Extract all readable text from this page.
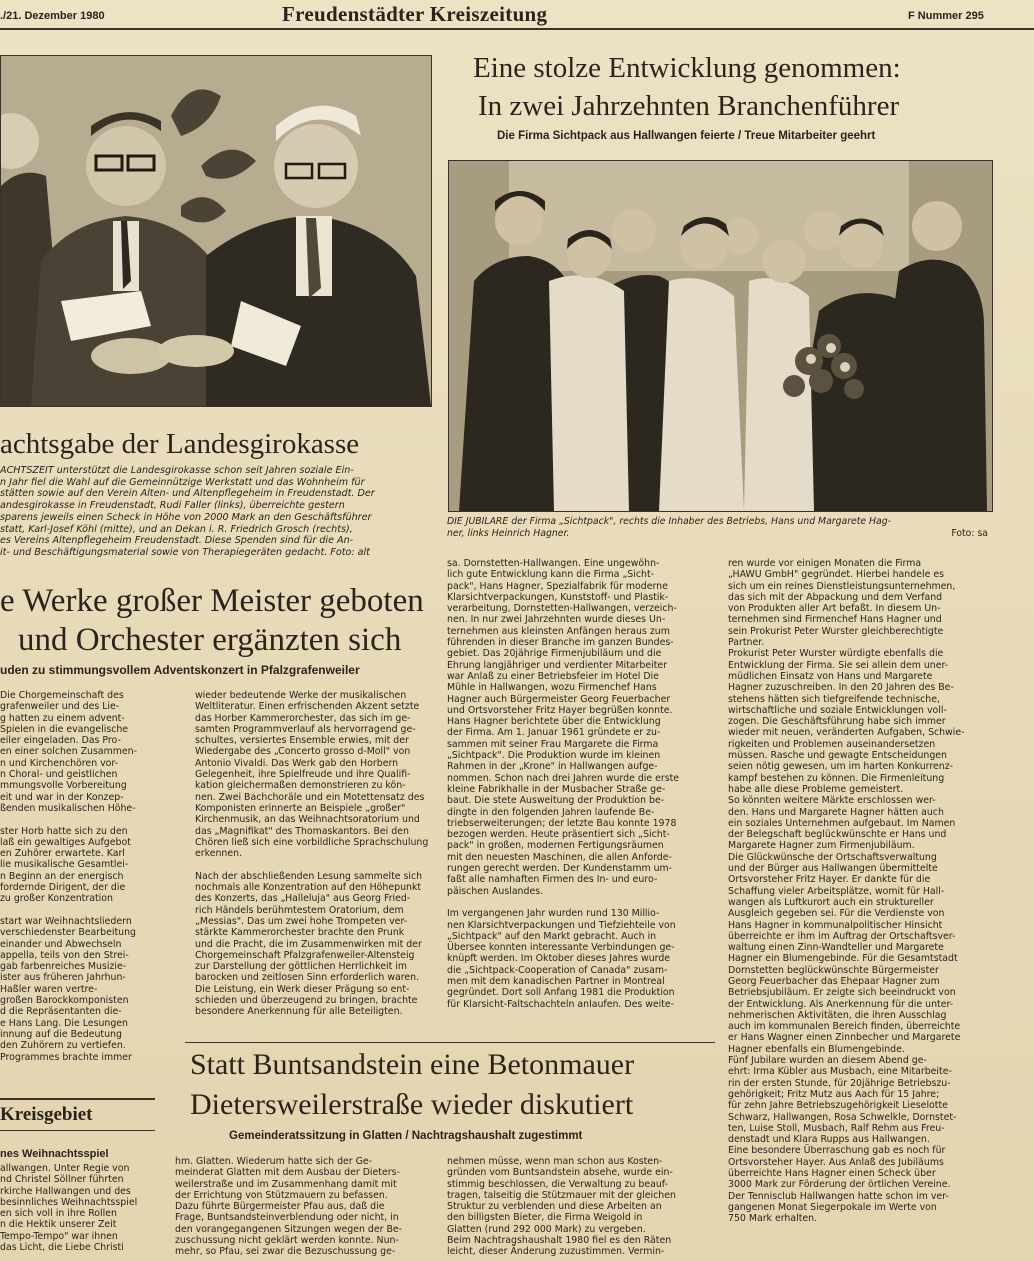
./21. Dezember 1980	Freudenstädter Kreiszeitung	F Nummer 295
achtsgabe der Landesgirokasse
ACHTSZEIT unterstützt die Landesgirokasse schon seit Jahren soziale Ein-
n Jahr fiel die Wahl auf die Gemeinnützige Werkstatt und das Wohnheim für
stätten sowie auf den Verein Alten- und Altenpflegeheim in Freudenstadt. Der
andesgirokasse in Freudenstadt, Rudi Faller (links), überreichte gestern
sparens jeweils einen Scheck in Höhe von 2000 Mark an den Geschäftsführer
statt, Karl-Josef Köhl (mitte), und an Dekan i. R. Friedrich Grosch (rechts),
es Vereins Altenpflegeheim Freudenstadt. Diese Spenden sind für die An-
it- und Beschäftigungsmaterial sowie von Therapiegeräten gedacht. Foto: alt
e Werke großer Meister geboten
und Orchester ergänzten sich
uden zu stimmungsvollem Adventskonzert in Pfalzgrafenweiler
Die Chorgemeinschaft des
grafenweiler und des Lie-
g hatten zu einem advent-
Spielen in die evangelische
eiler eingeladen. Das Pro-
en einer solchen Zusammen-
n und Kirchenchören vor-
n Choral- und geistlichen
mmungsvolle Vorbereitung
eit und war in der Konzep-
ßenden musikalischen Höhe-

ster Horb hatte sich zu den
laß ein gewaltiges Aufgebot
en Zuhörer erwartete. Karl
lie musikalische Gesamtlei-
n Beginn an der energisch
fordernde Dirigent, der die
zu großer Konzentration

start war Weihnachtsliedern
verschiedenster Bearbeitung
einander und Abwechseln
appella, teils von den Strei-
gab farbenreiches Musizie-
ister aus früheren Jahrhun-
Haßler waren vertre-
großen Barockkomponisten
d die Repräsentanten die-
e Hans Lang. Die Lesungen
innung auf die Bedeutung
den Zuhörern zu vertiefen.
Programmes brachte immer
wieder bedeutende Werke der musikalischen
Weltliteratur. Einen erfrischenden Akzent setzte
das Horber Kammerorchester, das sich im ge-
samten Programmverlauf als hervorragend ge-
schultes, versiertes Ensemble erwies, mit der
Wiedergabe des „Concerto grosso d-Moll" von
Antonio Vivaldi. Das Werk gab den Horbern
Gelegenheit, ihre Spielfreude und ihre Qualifi-
kation gleichermaßen demonstrieren zu kön-
nen. Zwei Bachchoräle und ein Motettensatz des
Komponisten erinnerte an Beispiele „großer"
Kirchenmusik, an das Weihnachtsoratorium und
das „Magnifikat" des Thomaskantors. Bei den
Chören ließ sich eine vorbildliche Sprachschulung
erkennen.

Nach der abschließenden Lesung sammelte sich
nochmals alle Konzentration auf den Höhepunkt
des Konzerts, das „Halleluja" aus Georg Fried-
rich Händels berühmtestem Oratorium, dem
„Messias". Das um zwei hohe Trompeten ver-
stärkte Kammerorchester brachte den Prunk
und die Pracht, die im Zusammenwirken mit der
Chorgemeinschaft Pfalzgrafenweiler-Altensteig
zur Darstellung der göttlichen Herrlichkeit im
barocken und zeitlosen Sinn erforderlich waren.
Die Leistung, ein Werk dieser Prägung so ent-
schieden und überzeugend zu bringen, brachte
besondere Anerkennung für alle Beteiligten.
Kreisgebiet
nes Weihnachtsspiel
allwangen. Unter Regie von
nd Christel Söllner führten
rkirche Hallwangen und des
besinnliches Weihnachtsspiel
en sich voll in ihre Rollen
n die Hektik unserer Zeit
Tempo-Tempo" war ihnen
das Licht, die Liebe Christi
Eine stolze Entwicklung genommen:
In zwei Jahrzehnten Branchenführer
Die Firma Sichtpack aus Hallwangen feierte / Treue Mitarbeiter geehrt
DIE JUBILARE der Firma „Sichtpack", rechts die Inhaber des Betriebs, Hans und Margarete Hag-
ner, links Heinrich Hagner.	Foto: sa
sa. Dornstetten-Hallwangen. Eine ungewöhn-
lich gute Entwicklung kann die Firma „Sicht-
pack", Hans Hagner, Spezialfabrik für moderne
Klarsichtverpackungen, Kunststoff- und Plastik-
verarbeitung, Dornstetten-Hallwangen, verzeich-
nen. In nur zwei Jahrzehnten wurde dieses Un-
ternehmen aus kleinsten Anfängen heraus zum
führenden in dieser Branche im ganzen Bundes-
gebiet. Das 20jährige Firmenjubiläum und die
Ehrung langjähriger und verdienter Mitarbeiter
war Anlaß zu einer Betriebsfeier im Hotel Die
Mühle in Hallwangen, wozu Firmenchef Hans
Hagner auch Bürgermeister Georg Feuerbacher
und Ortsvorsteher Fritz Hayer begrüßen konnte.
Hans Hagner berichtete über die Entwicklung
der Firma. Am 1. Januar 1961 gründete er zu-
sammen mit seiner Frau Margarete die Firma
„Sichtpack". Die Produktion wurde im kleinen
Rahmen in der „Krone" in Hallwangen aufge-
nommen. Schon nach drei Jahren wurde die erste
kleine Fabrikhalle in der Musbacher Straße ge-
baut. Die stete Ausweitung der Produktion be-
dingte in den folgenden Jahren laufende Be-
triebserweiterungen; der letzte Bau konnte 1978
bezogen werden. Heute präsentiert sich „Sicht-
pack" in großen, modernen Fertigungsräumen
mit den neuesten Maschinen, die allen Anforde-
rungen gerecht werden. Der Kundenstamm um-
faßt alle namhaften Firmen des In- und euro-
päischen Auslandes.

Im vergangenen Jahr wurden rund 130 Millio-
nen Klarsichtverpackungen und Tiefziehteile von
„Sichtpack" auf den Markt gebracht. Auch in
Übersee konnten interessante Verbindungen ge-
knüpft werden. Im Oktober dieses Jahres wurde
die „Sichtpack-Cooperation of Canada" zusam-
men mit dem kanadischen Partner in Montreal
gegründet. Dort soll Anfang 1981 die Produktion
für Klarsicht-Faltschachteln anlaufen. Des weite-
ren wurde vor einigen Monaten die Firma
„HAWU GmbH" gegründet. Hierbei handele es
sich um ein reines Dienstleistungsunternehmen,
das sich mit der Abpackung und dem Verfand
von Produkten aller Art befaßt. In diesem Un-
ternehmen sind Firmenchef Hans Hagner und
sein Prokurist Peter Wurster gleichberechtigte
Partner.
Prokurist Peter Wurster würdigte ebenfalls die
Entwicklung der Firma. Sie sei allein dem uner-
müdlichen Einsatz von Hans und Margarete
Hagner zuzuschreiben. In den 20 Jahren des Be-
stehens hätten sich tiefgreifende technische,
wirtschaftliche und soziale Entwicklungen voll-
zogen. Die Geschäftsführung habe sich immer
wieder mit neuen, veränderten Aufgaben, Schwie-
rigkeiten und Problemen auseinandersetzen
müssen. Rasche und gewagte Entscheidungen
seien nötig gewesen, um im harten Konkurrenz-
kampf bestehen zu können. Die Firmenleitung
habe alle diese Probleme gemeistert.
So könnten weitere Märkte erschlossen wer-
den. Hans und Margarete Hagner hätten auch
ein soziales Unternehmen aufgebaut. Im Namen
der Belegschaft beglückwünschte er Hans und
Margarete Hagner zum Firmenjubiläum.
Die Glückwünsche der Ortschaftsverwaltung
und der Bürger aus Hallwangen übermittelte
Ortsvorsteher Fritz Hayer. Er dankte für die
Schaffung vieler Arbeitsplätze, womit für Hall-
wangen als Luftkurort auch ein struktureller
Ausgleich gegeben sei. Für die Verdienste von
Hans Hagner in kommunalpolitischer Hinsicht
überreichte er ihm im Auftrag der Ortschaftsver-
waltung einen Zinn-Wandteller und Margarete
Hagner ein Blumengebinde. Für die Gesamtstadt
Dornstetten beglückwünschte Bürgermeister
Georg Feuerbacher das Ehepaar Hagner zum
Betriebsjubiläum. Er zeigte sich beeindruckt von
der Entwicklung. Als Anerkennung für die unter-
nehmerischen Aktivitäten, die ihren Ausschlag
auch im kommunalen Bereich finden, überreichte
er Hans Wagner einen Zinnbecher und Margarete
Hagner ebenfalls ein Blumengebinde.
Fünf Jubilare wurden an diesem Abend ge-
ehrt: Irma Kübler aus Musbach, eine Mitarbeite-
rin der ersten Stunde, für 20jährige Betriebszu-
gehörigkeit; Fritz Mutz aus Aach für 15 Jahre;
für zehn Jahre Betriebszugehörigkeit Lieselotte
Schwarz, Hallwangen, Rosa Schwelkle, Dornstet-
ten, Luise Stoll, Musbach, Ralf Rehm aus Freu-
denstadt und Klara Rupps aus Hallwangen.
Eine besondere Überraschung gab es noch für
Ortsvorsteher Hayer. Aus Anlaß des Jubiläums
überreichte Hans Hagner einen Scheck über
3000 Mark zur Förderung der örtlichen Vereine.
Der Tennisclub Hallwangen hatte schon im ver-
gangenen Monat Siegerpokale im Werte von
750 Mark erhalten.
Statt Buntsandstein eine Betonmauer
Dietersweilerstraße wieder diskutiert
Gemeinderatssitzung in Glatten / Nachtragshaushalt zugestimmt
hm. Glatten. Wiederum hatte sich der Ge-
meinderat Glatten mit dem Ausbau der Dieters-
weilerstraße und im Zusammenhang damit mit
der Errichtung von Stützmauern zu befassen.
Dazu führte Bürgermeister Pfau aus, daß die
Frage, Buntsandsteinverblendung oder nicht, in
den vorangegangenen Sitzungen wegen der Be-
zuschussung nicht geklärt werden konnte. Nun-
mehr, so Pfau, sei zwar die Bezuschussung ge-
nehmen müsse, wenn man schon aus Kosten-
gründen vom Buntsandstein absehe, wurde ein-
stimmig beschlossen, die Verwaltung zu beauf-
tragen, talseitig die Stützmauer mit der gleichen
Struktur zu verblenden und diese Arbeiten an
den billigsten Bieter, die Firma Weigold in
Glatten (rund 292 000 Mark) zu vergeben.
Beim Nachtragshaushalt 1980 fiel es den Räten
leicht, dieser Änderung zuzustimmen. Vermin-
